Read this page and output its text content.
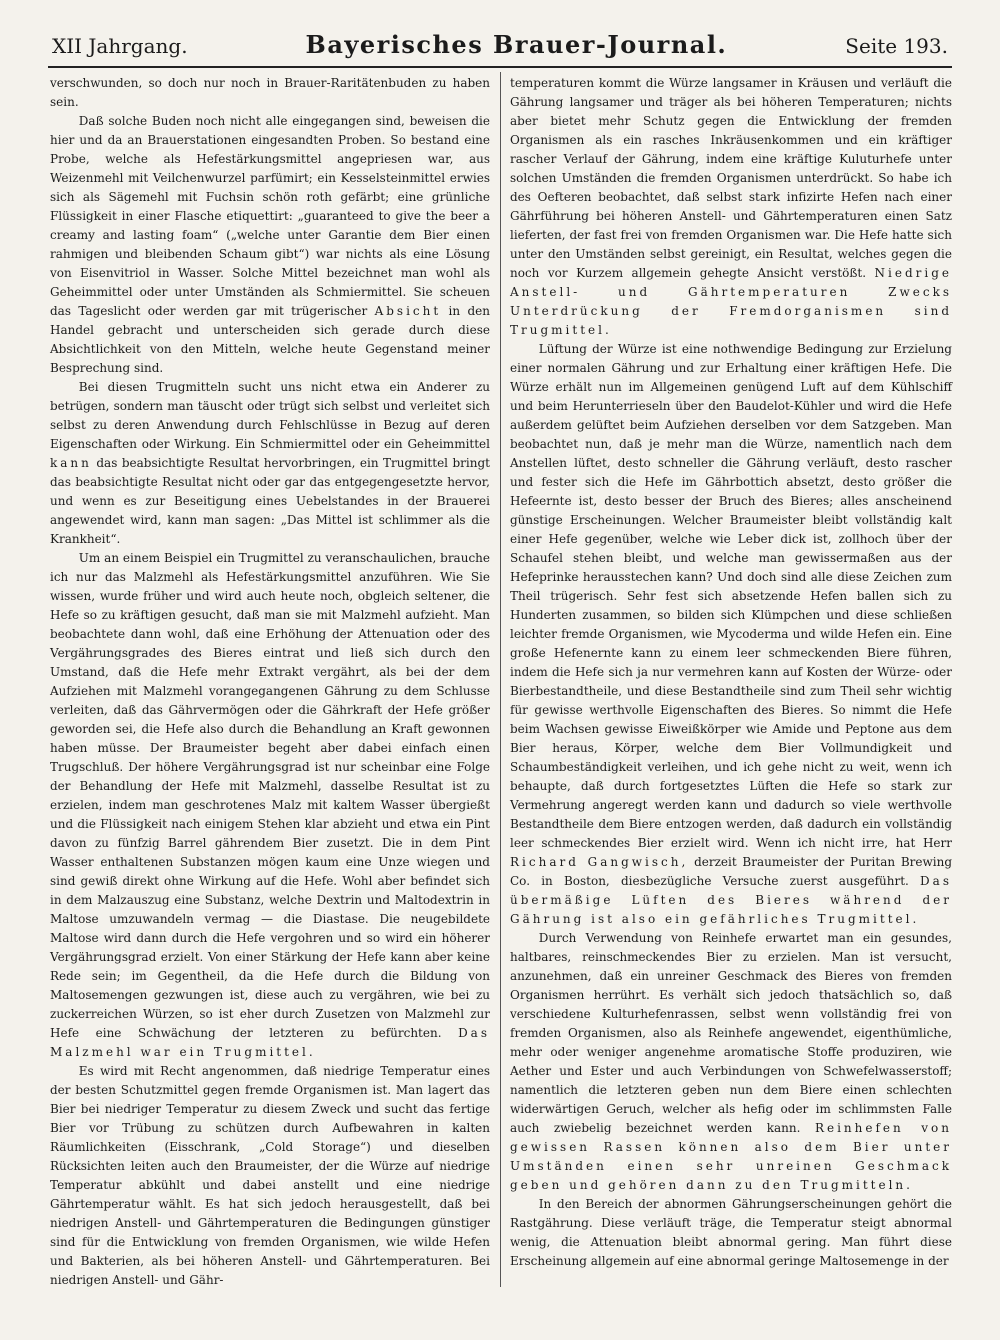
XII Jahrgang.	Bayerisches Brauer-Journal.	Seite 193.

verschwunden, so doch nur noch in Brauer-Raritätenbuden zu haben sein.

Daß solche Buden noch nicht alle eingegangen sind, beweisen die hier und da an Brauerstationen eingesandten Proben. So bestand eine Probe, welche als Hefestärkungsmittel angepriesen war, aus Weizenmehl mit Veilchenwurzel parfümirt; ein Kesselsteinmittel erwies sich als Sägemehl mit Fuchsin schön roth gefärbt; eine grünliche Flüssigkeit in einer Flasche etiquettirt: „guaranteed to give the beer a creamy and lasting foam“ („welche unter Garantie dem Bier einen rahmigen und bleibenden Schaum gibt“) war nichts als eine Lösung von Eisenvitriol in Wasser. Solche Mittel bezeichnet man wohl als Geheimmittel oder unter Umständen als Schmiermittel. Sie scheuen das Tageslicht oder werden gar mit trügerischer Absicht in den Handel gebracht und unterscheiden sich gerade durch diese Absichtlichkeit von den Mitteln, welche heute Gegenstand meiner Besprechung sind.

Bei diesen Trugmitteln sucht uns nicht etwa ein Anderer zu betrügen, sondern man täuscht oder trügt sich selbst und verleitet sich selbst zu deren Anwendung durch Fehlschlüsse in Bezug auf deren Eigenschaften oder Wirkung. Ein Schmiermittel oder ein Geheimmittel kann das beabsichtigte Resultat hervorbringen, ein Trugmittel bringt das beabsichtigte Resultat nicht oder gar das entgegengesetzte hervor, und wenn es zur Beseitigung eines Uebelstandes in der Brauerei angewendet wird, kann man sagen: „Das Mittel ist schlimmer als die Krankheit“.

Um an einem Beispiel ein Trugmittel zu veranschaulichen, brauche ich nur das Malzmehl als Hefestärkungsmittel anzuführen. Wie Sie wissen, wurde früher und wird auch heute noch, obgleich seltener, die Hefe so zu kräftigen gesucht, daß man sie mit Malzmehl aufzieht. Man beobachtete dann wohl, daß eine Erhöhung der Attenuation oder des Vergährungsgrades des Bieres eintrat und ließ sich durch den Umstand, daß die Hefe mehr Extrakt vergährt, als bei der dem Aufziehen mit Malzmehl vorangegangenen Gährung zu dem Schlusse verleiten, daß das Gährvermögen oder die Gährkraft der Hefe größer geworden sei, die Hefe also durch die Behandlung an Kraft gewonnen haben müsse. Der Braumeister begeht aber dabei einfach einen Trugschluß. Der höhere Vergährungsgrad ist nur scheinbar eine Folge der Behandlung der Hefe mit Malzmehl, dasselbe Resultat ist zu erzielen, indem man geschrotenes Malz mit kaltem Wasser übergießt und die Flüssigkeit nach einigem Stehen klar abzieht und etwa ein Pint davon zu fünfzig Barrel gährendem Bier zusetzt. Die in dem Pint Wasser enthaltenen Substanzen mögen kaum eine Unze wiegen und sind gewiß direkt ohne Wirkung auf die Hefe. Wohl aber befindet sich in dem Malzauszug eine Substanz, welche Dextrin und Maltodextrin in Maltose umzuwandeln vermag — die Diastase. Die neugebildete Maltose wird dann durch die Hefe vergohren und so wird ein höherer Vergährungsgrad erzielt. Von einer Stärkung der Hefe kann aber keine Rede sein; im Gegentheil, da die Hefe durch die Bildung von Maltosemengen gezwungen ist, diese auch zu vergähren, wie bei zu zuckerreichen Würzen, so ist eher durch Zusetzen von Malzmehl zur Hefe eine Schwächung der letzteren zu befürchten. Das Malzmehl war ein Trugmittel.

Es wird mit Recht angenommen, daß niedrige Temperatur eines der besten Schutzmittel gegen fremde Organismen ist. Man lagert das Bier bei niedriger Temperatur zu diesem Zweck und sucht das fertige Bier vor Trübung zu schützen durch Aufbewahren in kalten Räumlichkeiten (Eisschrank, „Cold Storage“) und dieselben Rücksichten leiten auch den Braumeister, der die Würze auf niedrige Temperatur abkühlt und dabei anstellt und eine niedrige Gährtemperatur wählt. Es hat sich jedoch herausgestellt, daß bei niedrigen Anstell- und Gährtemperaturen die Bedingungen günstiger sind für die Entwicklung von fremden Organismen, wie wilde Hefen und Bakterien, als bei höheren Anstell- und Gährtemperaturen. Bei niedrigen Anstell- und Gähr-

temperaturen kommt die Würze langsamer in Kräusen und verläuft die Gährung langsamer und träger als bei höheren Temperaturen; nichts aber bietet mehr Schutz gegen die Entwicklung der fremden Organismen als ein rasches Inkräusenkommen und ein kräftiger rascher Verlauf der Gährung, indem eine kräftige Kuluturhefe unter solchen Umständen die fremden Organismen unterdrückt. So habe ich des Oefteren beobachtet, daß selbst stark infizirte Hefen nach einer Gährführung bei höheren Anstell- und Gährtemperaturen einen Satz lieferten, der fast frei von fremden Organismen war. Die Hefe hatte sich unter den Umständen selbst gereinigt, ein Resultat, welches gegen die noch vor Kurzem allgemein gehegte Ansicht verstößt. Niedrige Anstell- und Gährtemperaturen Zwecks Unterdrückung der Fremdorganismen sind Trugmittel.

Lüftung der Würze ist eine nothwendige Bedingung zur Erzielung einer normalen Gährung und zur Erhaltung einer kräftigen Hefe. Die Würze erhält nun im Allgemeinen genügend Luft auf dem Kühlschiff und beim Herunterrieseln über den Baudelot-Kühler und wird die Hefe außerdem gelüftet beim Aufziehen derselben vor dem Satzgeben. Man beobachtet nun, daß je mehr man die Würze, namentlich nach dem Anstellen lüftet, desto schneller die Gährung verläuft, desto rascher und fester sich die Hefe im Gährbottich absetzt, desto größer die Hefeernte ist, desto besser der Bruch des Bieres; alles anscheinend günstige Erscheinungen. Welcher Braumeister bleibt vollständig kalt einer Hefe gegenüber, welche wie Leber dick ist, zollhoch über der Schaufel stehen bleibt, und welche man gewissermaßen aus der Hefeprinke herausstechen kann? Und doch sind alle diese Zeichen zum Theil trügerisch. Sehr fest sich absetzende Hefen ballen sich zu Hunderten zusammen, so bilden sich Klümpchen und diese schließen leichter fremde Organismen, wie Mycoderma und wilde Hefen ein. Eine große Hefenernte kann zu einem leer schmeckenden Biere führen, indem die Hefe sich ja nur vermehren kann auf Kosten der Würze- oder Bierbestandtheile, und diese Bestandtheile sind zum Theil sehr wichtig für gewisse werthvolle Eigenschaften des Bieres. So nimmt die Hefe beim Wachsen gewisse Eiweißkörper wie Amide und Peptone aus dem Bier heraus, Körper, welche dem Bier Vollmundigkeit und Schaumbeständigkeit verleihen, und ich gehe nicht zu weit, wenn ich behaupte, daß durch fortgesetztes Lüften die Hefe so stark zur Vermehrung angeregt werden kann und dadurch so viele werthvolle Bestandtheile dem Biere entzogen werden, daß dadurch ein vollständig leer schmeckendes Bier erzielt wird. Wenn ich nicht irre, hat Herr Richard Gangwisch, derzeit Braumeister der Puritan Brewing Co. in Boston, diesbezügliche Versuche zuerst ausgeführt. Das übermäßige Lüften des Bieres während der Gährung ist also ein gefährliches Trugmittel.

Durch Verwendung von Reinhefe erwartet man ein gesundes, haltbares, reinschmeckendes Bier zu erzielen. Man ist versucht, anzunehmen, daß ein unreiner Geschmack des Bieres von fremden Organismen herrührt. Es verhält sich jedoch thatsächlich so, daß verschiedene Kulturhefenrassen, selbst wenn vollständig frei von fremden Organismen, also als Reinhefe angewendet, eigenthümliche, mehr oder weniger angenehme aromatische Stoffe produziren, wie Aether und Ester und auch Verbindungen von Schwefelwasserstoff; namentlich die letzteren geben nun dem Biere einen schlechten widerwärtigen Geruch, welcher als hefig oder im schlimmsten Falle auch zwiebelig bezeichnet werden kann. Reinhefen von gewissen Rassen können also dem Bier unter Umständen einen sehr unreinen Geschmack geben und gehören dann zu den Trugmitteln.

In den Bereich der abnormen Gährungserscheinungen gehört die Rastgährung. Diese verläuft träge, die Temperatur steigt abnormal wenig, die Attenuation bleibt abnormal gering. Man führt diese Erscheinung allgemein auf eine abnormal geringe Maltosemenge in der
